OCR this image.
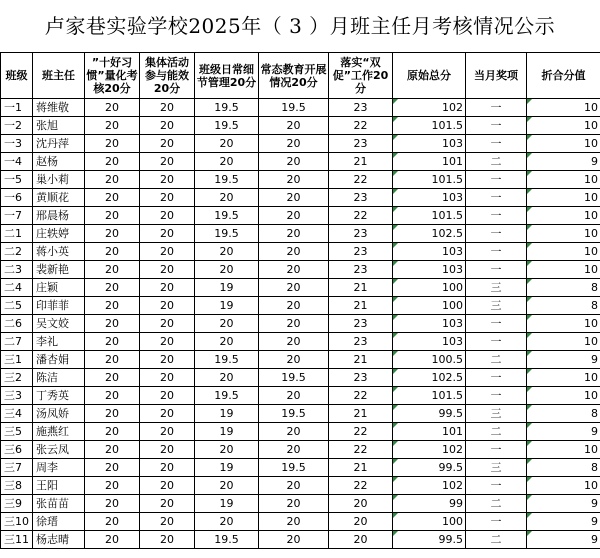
卢家巷实验学校2025年（ 3 ）月班主任月考核情况公示
班级	班主任	”十好习惯”量化考核20分	集体活动参与能效20分	班级日常细节管理20分	常态教育开展情况20分	落实“双促”工作20分	原始总分	当月奖项	折合分值
一1	蒋维敬	20	20	19.5	19.5	23	102	一	10
一2	张旭	20	20	19.5	20	22	101.5	一	10
一3	沈丹萍	20	20	20	20	23	103	一	10
一4	赵杨	20	20	20	20	21	101	二	9
一5	巢小莉	20	20	19.5	20	22	101.5	一	10
一6	黄顺花	20	20	20	20	23	103	一	10
一7	邢晨杨	20	20	19.5	20	22	101.5	一	10
二1	庄轶婷	20	20	19.5	20	23	102.5	一	10
二2	蒋小英	20	20	20	20	23	103	一	10
二3	裴新艳	20	20	20	20	23	103	一	10
二4	庄颖	20	20	19	20	21	100	三	8
二5	印菲菲	20	20	19	20	21	100	三	8
二6	吴文姣	20	20	20	20	23	103	一	10
二7	李礼	20	20	20	20	23	103	一	10
三1	潘杏娟	20	20	19.5	20	21	100.5	二	9
三2	陈洁	20	20	20	19.5	23	102.5	一	10
三3	丁秀英	20	20	19.5	20	22	101.5	一	10
三4	汤凤娇	20	20	19	19.5	21	99.5	三	8
三5	施燕红	20	20	19	20	22	101	二	9
三6	张云凤	20	20	20	20	22	102	一	10
三7	周李	20	20	19	19.5	21	99.5	三	8
三8	王阳	20	20	20	20	22	102	一	10
三9	张苗苗	20	20	19	20	20	99	二	9
三10	徐瑨	20	20	20	20	20	100	一	9
三11	杨志晴	20	20	19.5	20	20	99.5	二	9
